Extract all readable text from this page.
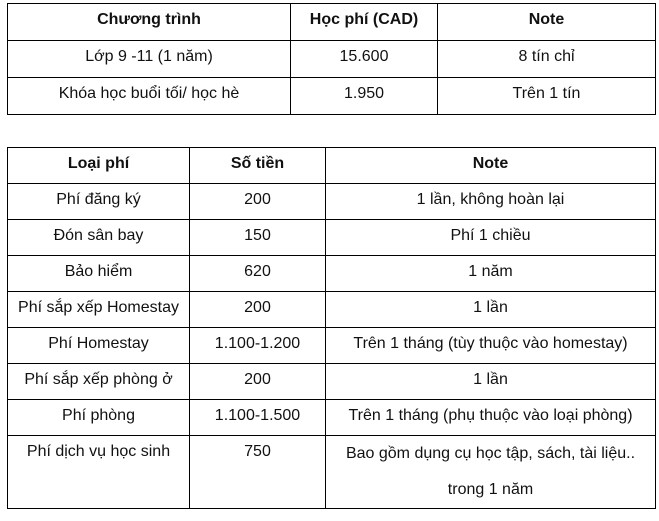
Chương trình	Học phí (CAD)	Note
Lớp 9 -11 (1 năm)	15.600	8 tín chỉ
Khóa học buổi tối/ học hè	1.950	Trên 1 tín
Loại phí	Số tiền	Note
Phí đăng ký	200	1 lần, không hoàn lại
Đón sân bay	150	Phí 1 chiều
Bảo hiểm	620	1 năm
Phí sắp xếp Homestay	200	1 lần
Phí Homestay	1.100-1.200	Trên 1 tháng (tùy thuộc vào homestay)
Phí sắp xếp phòng ở	200	1 lần
Phí phòng	1.100-1.500	Trên 1 tháng (phụ thuộc vào loại phòng)
Phí dịch vụ học sinh	750	Bao gồm dụng cụ học tập, sách, tài liệu..
trong 1 năm
